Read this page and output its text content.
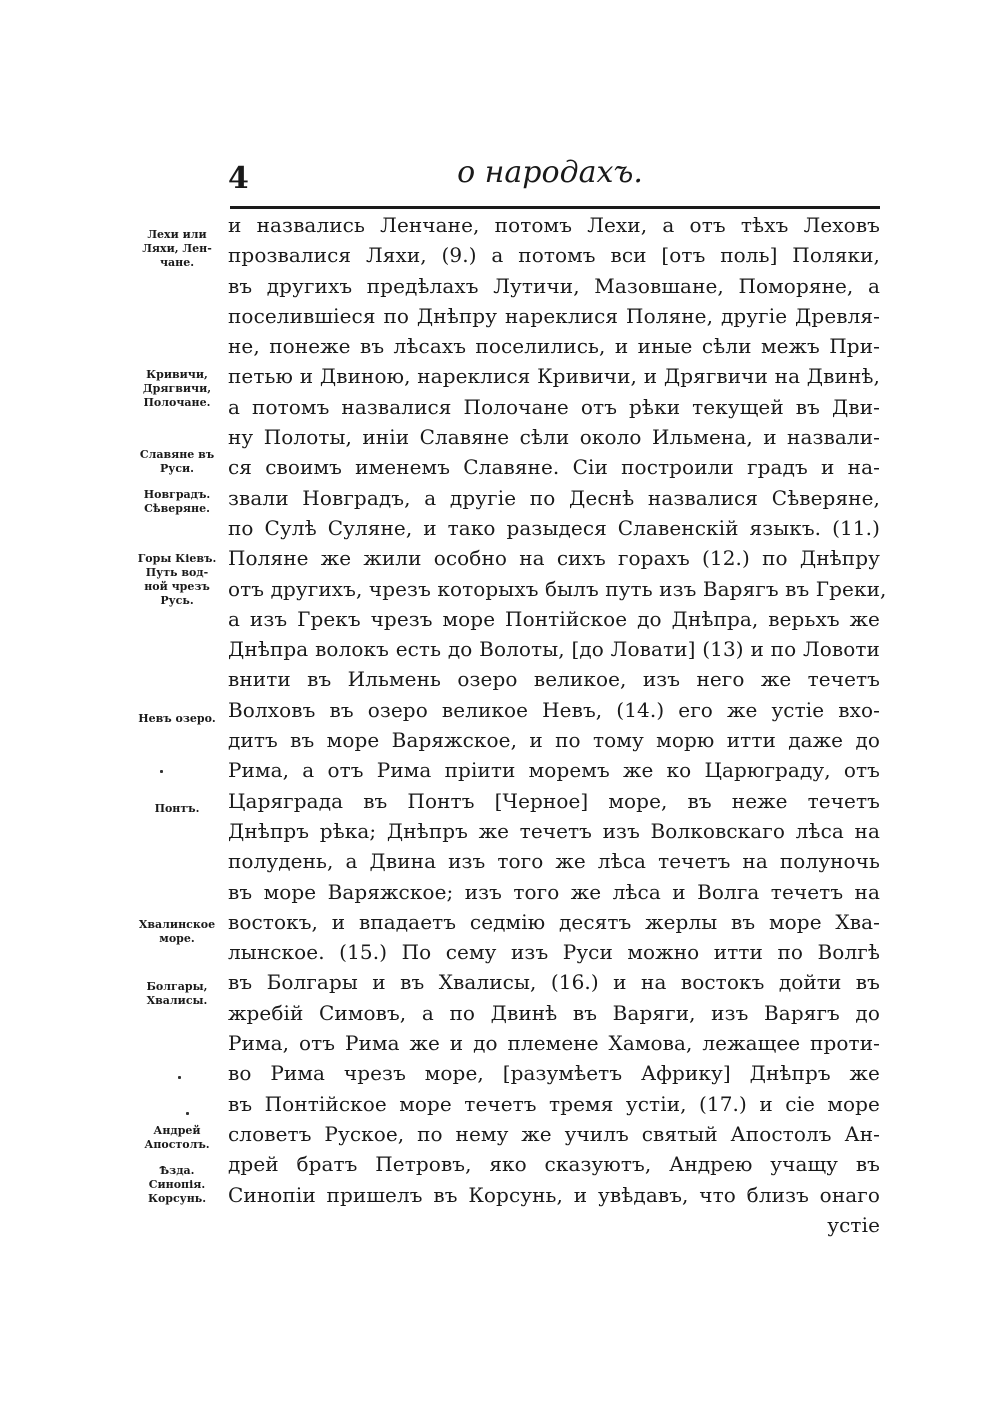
4	о народахъ.
и назвались Ленчане, потомъ Лехи, а отъ тѣхъ Леховъ
прозвалися Ляхи, (9.) а потомъ вси [отъ поль] Поляки,
въ другихъ предѣлахъ Лутичи, Мазовшане, Поморяне, а
поселившіеся по Днѣпру нареклися Поляне, другіе Древля-
не, понеже въ лѣсахъ поселились, и иные сѣли межъ При-
петью и Двиною, нареклися Кривичи, и Дрягвичи на Двинѣ,
а потомъ назвалися Полочане отъ рѣки текущей въ Дви-
ну Полоты, иніи Славяне сѣли около Ильмена, и назвали-
ся своимъ именемъ Славяне. Сіи построили градъ и на-
звали Новградъ, а другіе по Деснѣ назвалися Сѣверяне,
по Сулѣ Суляне, и тако разыдеся Славенскій языкъ. (11.)
Поляне же жили особно на сихъ горахъ (12.) по Днѣпру
отъ другихъ, чрезъ которыхъ былъ путь изъ Варягъ въ Греки,
а изъ Грекъ чрезъ море Понтійское до Днѣпра, верьхъ же
Днѣпра волокъ есть до Волоты, [до Ловати] (13) и по Ловоти
внити въ Ильмень озеро великое, изъ него же течетъ
Волховъ въ озеро великое Невъ, (14.) его же устіе вхо-
дитъ въ море Варяжское, и по тому морю итти даже до
Рима, а отъ Рима пріити моремъ же ко Царюграду, отъ
Царяграда въ Понтъ [Черное] море, въ неже течетъ
Днѣпръ рѣка; Днѣпръ же течетъ изъ Волковскаго лѣса на
полудень, а Двина изъ того же лѣса течетъ на полуночь
въ море Варяжское; изъ того же лѣса и Волга течетъ на
востокъ, и впадаетъ седмію десятъ жерлы въ море Хва-
лынское. (15.) По сему изъ Руси можно итти по Волгѣ
въ Болгары и въ Хвалисы, (16.) и на востокъ дойти въ
жребій Симовъ, а по Двинѣ въ Варяги, изъ Варягъ до
Рима, отъ Рима же и до племене Хамова, лежащее проти-
во Рима чрезъ море, [разумѣетъ Африку] Днѣпръ же
въ Понтійское море течетъ тремя устіи, (17.) и сіе море
словетъ Руское, по нему же училъ святый Апостолъ Ан-
дрей братъ Петровъ, яко сказуютъ, Андрею учащу въ
Синопіи пришелъ въ Корсунь, и увѣдавъ, что близъ онаго
устіе
Лехи или
Ляхи, Лен-
чане.
Кривичи,
Дрягвичи,
Полочане.
Славяне въ
Руси.
Новградъ.
Сѣверяне.
Горы Кіевъ.
Путь вод-
ной чрезъ
Русь.
Невъ озеро.
Понтъ.
Хвалинское
море.
Болгары,
Хвалисы.
Андрей
Апостолъ.
Ѣзда.
Синопія.
Корсунь.
